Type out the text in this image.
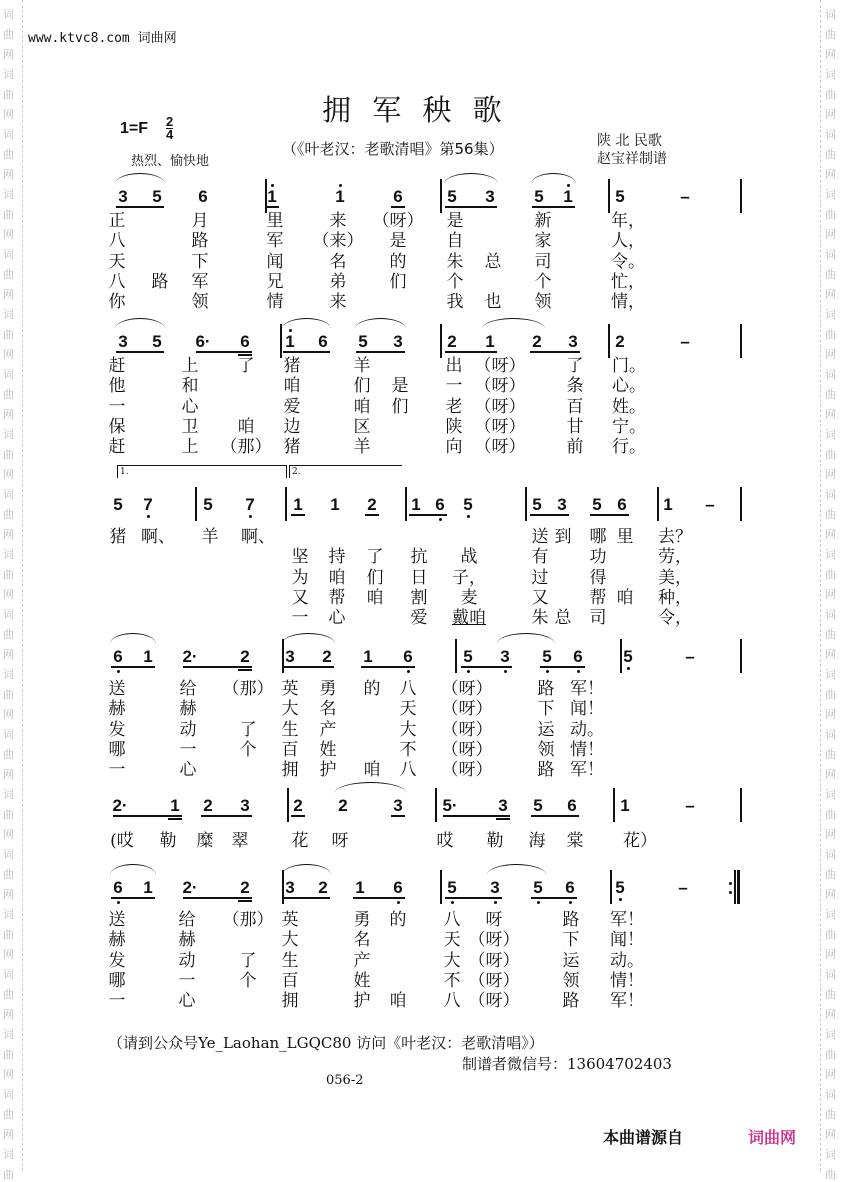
词
曲
网
词
曲
网
词
曲
网
词
曲
网
词
曲
网
词
曲
网
词
曲
网
词
曲
网
词
曲
网
词
曲
网
词
曲
网
词
曲
网
词
曲
网
词
曲
网
词
曲
网
词
曲
网
词
曲
网
词
曲
网
词
曲
网
词
曲
词
曲
网
词
曲
网
词
曲
网
词
曲
网
词
曲
网
词
曲
网
词
曲
网
词
曲
网
词
曲
网
词
曲
网
词
曲
网
词
曲
网
词
曲
网
词
曲
网
词
曲
网
词
曲
网
词
曲
网
词
曲
网
词
曲
网
词
曲
www.ktvc8.com 词曲网
拥 军 秧 歌
1=F 2
4
热烈、愉快地
（《叶老汉：老歌清唱》第56集）	陕 北 民歌
赵宝祥制谱
3 5 6	1	1	6	5 3 5 1	5	–
正	月	里	来 （呀） 是	新	年，
八	路	军 （来） 是 自	家	人，
天	下	闻	名	的 朱 总 司	令。
八 路 军	兄	弟	们 个	个	忙，
你	领	情	来	我 也 领	情，
3 5 6· 6 1 6 5 3	2 1 2 3 2	–
赶	上 了 猪	羊	出 （呀） 了 门。
他	和	咱	们 是 一 （呀） 条 心。
一	心	爱	咱 们 老 （呀） 百 姓。
保	卫 咱 边	区	陕 （呀） 甘 宁。
赶	上 （那） 猪	羊	向 （呀） 前 行。
5 7	5 7 1 1 2 1 6 5	5 3 5 6 1 –
猪 啊、 羊 啊、	送 到 哪 里 去？
坚 持 了 抗 战	有 功	劳，
为 咱 们 日 子，	过 得	美，
又 帮 咱 割 麦	又 帮 咱 种，
一 心	爱 戴咱	朱 总 司	令，
6 1 2·	2 3 2 1 6	5 3 5 6 5	–
送	给 （那） 英 勇 的 八 （呀）	路 军！
赫	赫	大 名	天 （呀）	下 闻！
发	动	了 生 产	大 （呀）	运 动。
哪	一	个 百 姓	不 （呀）	领 情！
一	心	拥 护 咱 八 （呀）	路 军！
2·	1 2 3	2 2	3 5· 3 5 6	1	–
(哎 勒 糜 翠	花 呀	哎 勒 海 棠 花）
6 1 2·	2 3 2 1 6	5 3 5 6 5	–
送	给 （那） 英	勇 的 八 呀	路 军！
赫	赫	大	名	天 （呀）	下 闻！
发	动	了 生	产	大 （呀）	运 动。
哪	一	个 百	姓	不 （呀）	领 情！
一	心	拥	护 咱 八 （呀）	路 军！
1.	2.
（请到公众号Ye_Laohan_LGQC80 访问《叶老汉：老歌清唱》）
制谱者微信号：13604702403
056-2
本曲谱源自	词曲网
